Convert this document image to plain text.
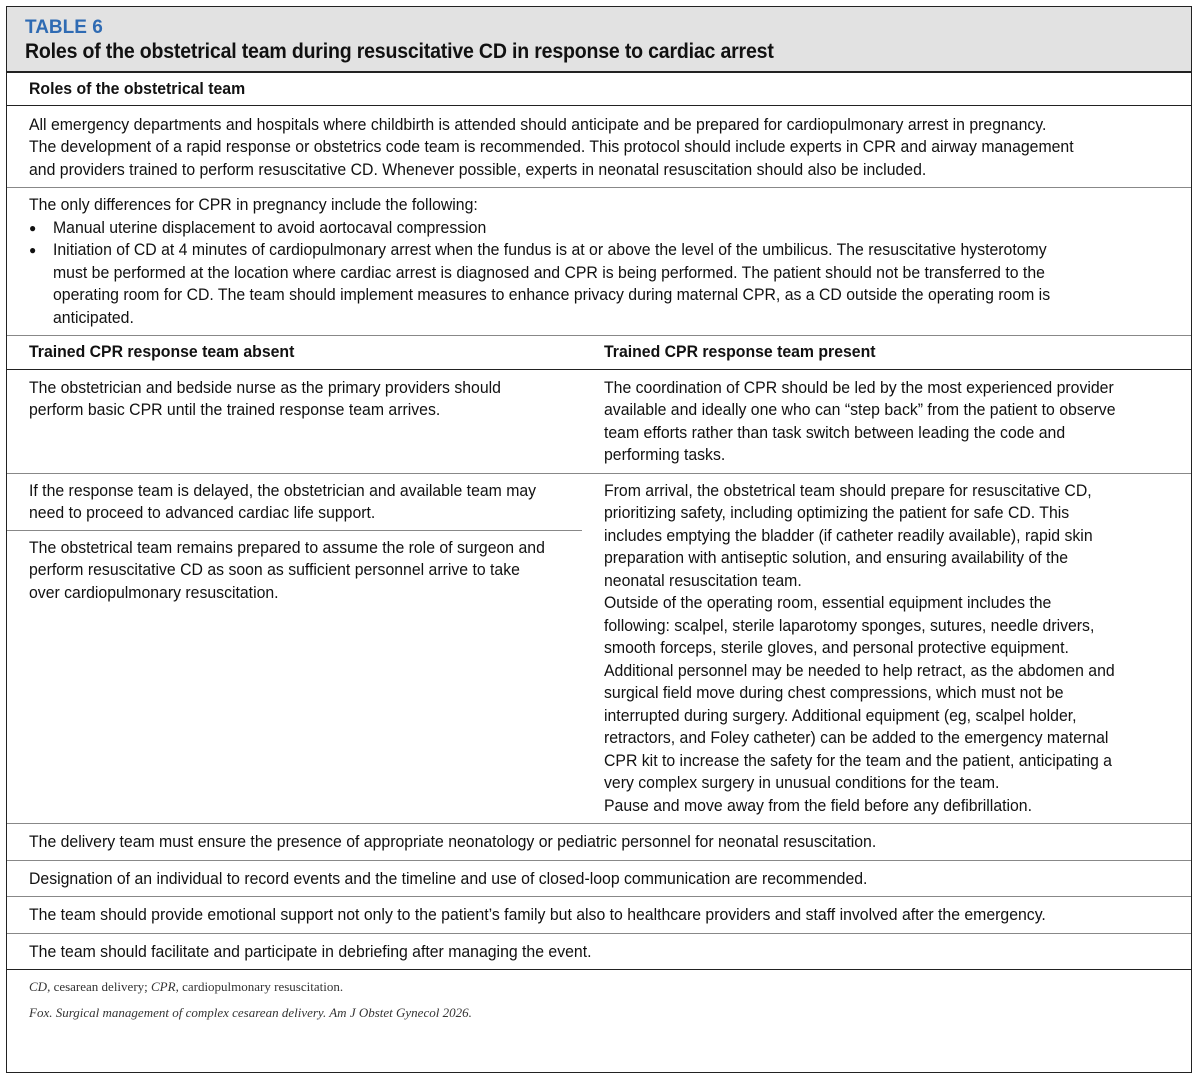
TABLE 6
Roles of the obstetrical team during resuscitative CD in response to cardiac arrest
Roles of the obstetrical team
All emergency departments and hospitals where childbirth is attended should anticipate and be prepared for cardiopulmonary arrest in pregnancy.
The development of a rapid response or obstetrics code team is recommended. This protocol should include experts in CPR and airway management
and providers trained to perform resuscitative CD. Whenever possible, experts in neonatal resuscitation should also be included.
The only differences for CPR in pregnancy include the following:
● Manual uterine displacement to avoid aortocaval compression
● Initiation of CD at 4 minutes of cardiopulmonary arrest when the fundus is at or above the level of the umbilicus. The resuscitative hysterotomy
must be performed at the location where cardiac arrest is diagnosed and CPR is being performed. The patient should not be transferred to the
operating room for CD. The team should implement measures to enhance privacy during maternal CPR, as a CD outside the operating room is
anticipated.
Trained CPR response team absent	Trained CPR response team present
The obstetrician and bedside nurse as the primary providers should
perform basic CPR until the trained response team arrives.
The coordination of CPR should be led by the most experienced provider
available and ideally one who can “step back” from the patient to observe
team efforts rather than task switch between leading the code and
performing tasks.
If the response team is delayed, the obstetrician and available team may
need to proceed to advanced cardiac life support.
The obstetrical team remains prepared to assume the role of surgeon and
perform resuscitative CD as soon as sufficient personnel arrive to take
over cardiopulmonary resuscitation.
From arrival, the obstetrical team should prepare for resuscitative CD,
prioritizing safety, including optimizing the patient for safe CD. This
includes emptying the bladder (if catheter readily available), rapid skin
preparation with antiseptic solution, and ensuring availability of the
neonatal resuscitation team.
Outside of the operating room, essential equipment includes the
following: scalpel, sterile laparotomy sponges, sutures, needle drivers,
smooth forceps, sterile gloves, and personal protective equipment.
Additional personnel may be needed to help retract, as the abdomen and
surgical field move during chest compressions, which must not be
interrupted during surgery. Additional equipment (eg, scalpel holder,
retractors, and Foley catheter) can be added to the emergency maternal
CPR kit to increase the safety for the team and the patient, anticipating a
very complex surgery in unusual conditions for the team.
Pause and move away from the field before any defibrillation.
The delivery team must ensure the presence of appropriate neonatology or pediatric personnel for neonatal resuscitation.
Designation of an individual to record events and the timeline and use of closed-loop communication are recommended.
The team should provide emotional support not only to the patient’s family but also to healthcare providers and staff involved after the emergency.
The team should facilitate and participate in debriefing after managing the event.
CD, cesarean delivery; CPR, cardiopulmonary resuscitation.
Fox. Surgical management of complex cesarean delivery. Am J Obstet Gynecol 2026.
